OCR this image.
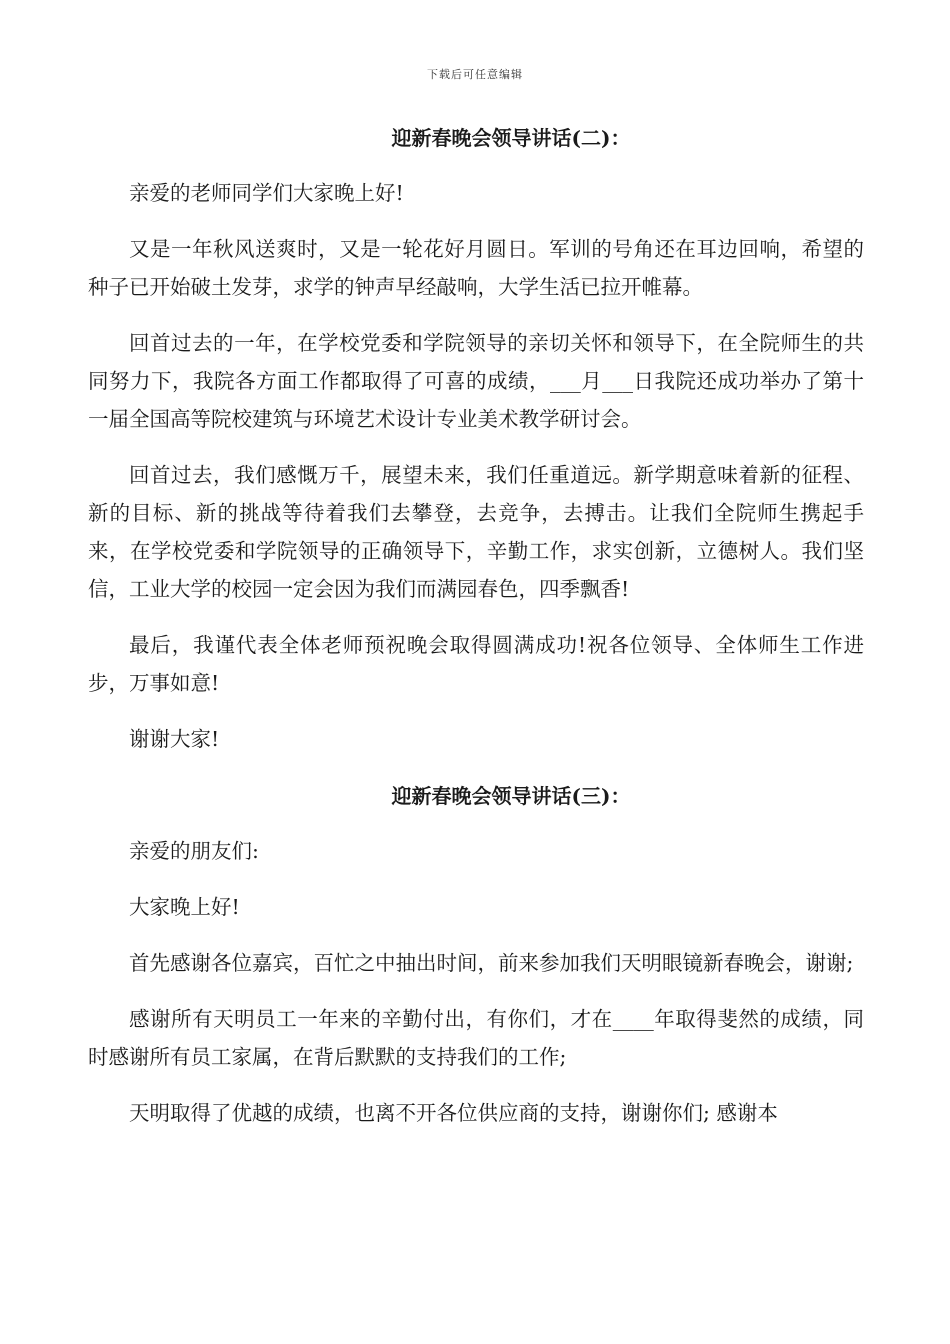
下载后可任意编辑
迎新春晚会领导讲话(二)：

亲爱的老师同学们大家晚上好!

又是一年秋风送爽时，又是一轮花好月圆日。军训的号角还在耳边回响，希望的种子已开始破土发芽，求学的钟声早经敲响，大学生活已拉开帷幕。

回首过去的一年，在学校党委和学院领导的亲切关怀和领导下，在全院师生的共同努力下，我院各方面工作都取得了可喜的成绩，___月___日我院还成功举办了第十一届全国高等院校建筑与环境艺术设计专业美术教学研讨会。

回首过去，我们感慨万千，展望未来，我们任重道远。新学期意味着新的征程、新的目标、新的挑战等待着我们去攀登，去竞争，去搏击。让我们全院师生携起手来，在学校党委和学院领导的正确领导下，辛勤工作，求实创新，立德树人。我们坚信，工业大学的校园一定会因为我们而满园春色，四季飘香!

最后，我谨代表全体老师预祝晚会取得圆满成功!祝各位领导、全体师生工作进步，万事如意!

谢谢大家!

迎新春晚会领导讲话(三)：

亲爱的朋友们:

大家晚上好!

首先感谢各位嘉宾，百忙之中抽出时间，前来参加我们天明眼镜新春晚会，谢谢;

感谢所有天明员工一年来的辛勤付出，有你们，才在____年取得斐然的成绩，同时感谢所有员工家属，在背后默默的支持我们的工作;

天明取得了优越的成绩，也离不开各位供应商的支持，谢谢你们; 感谢本
